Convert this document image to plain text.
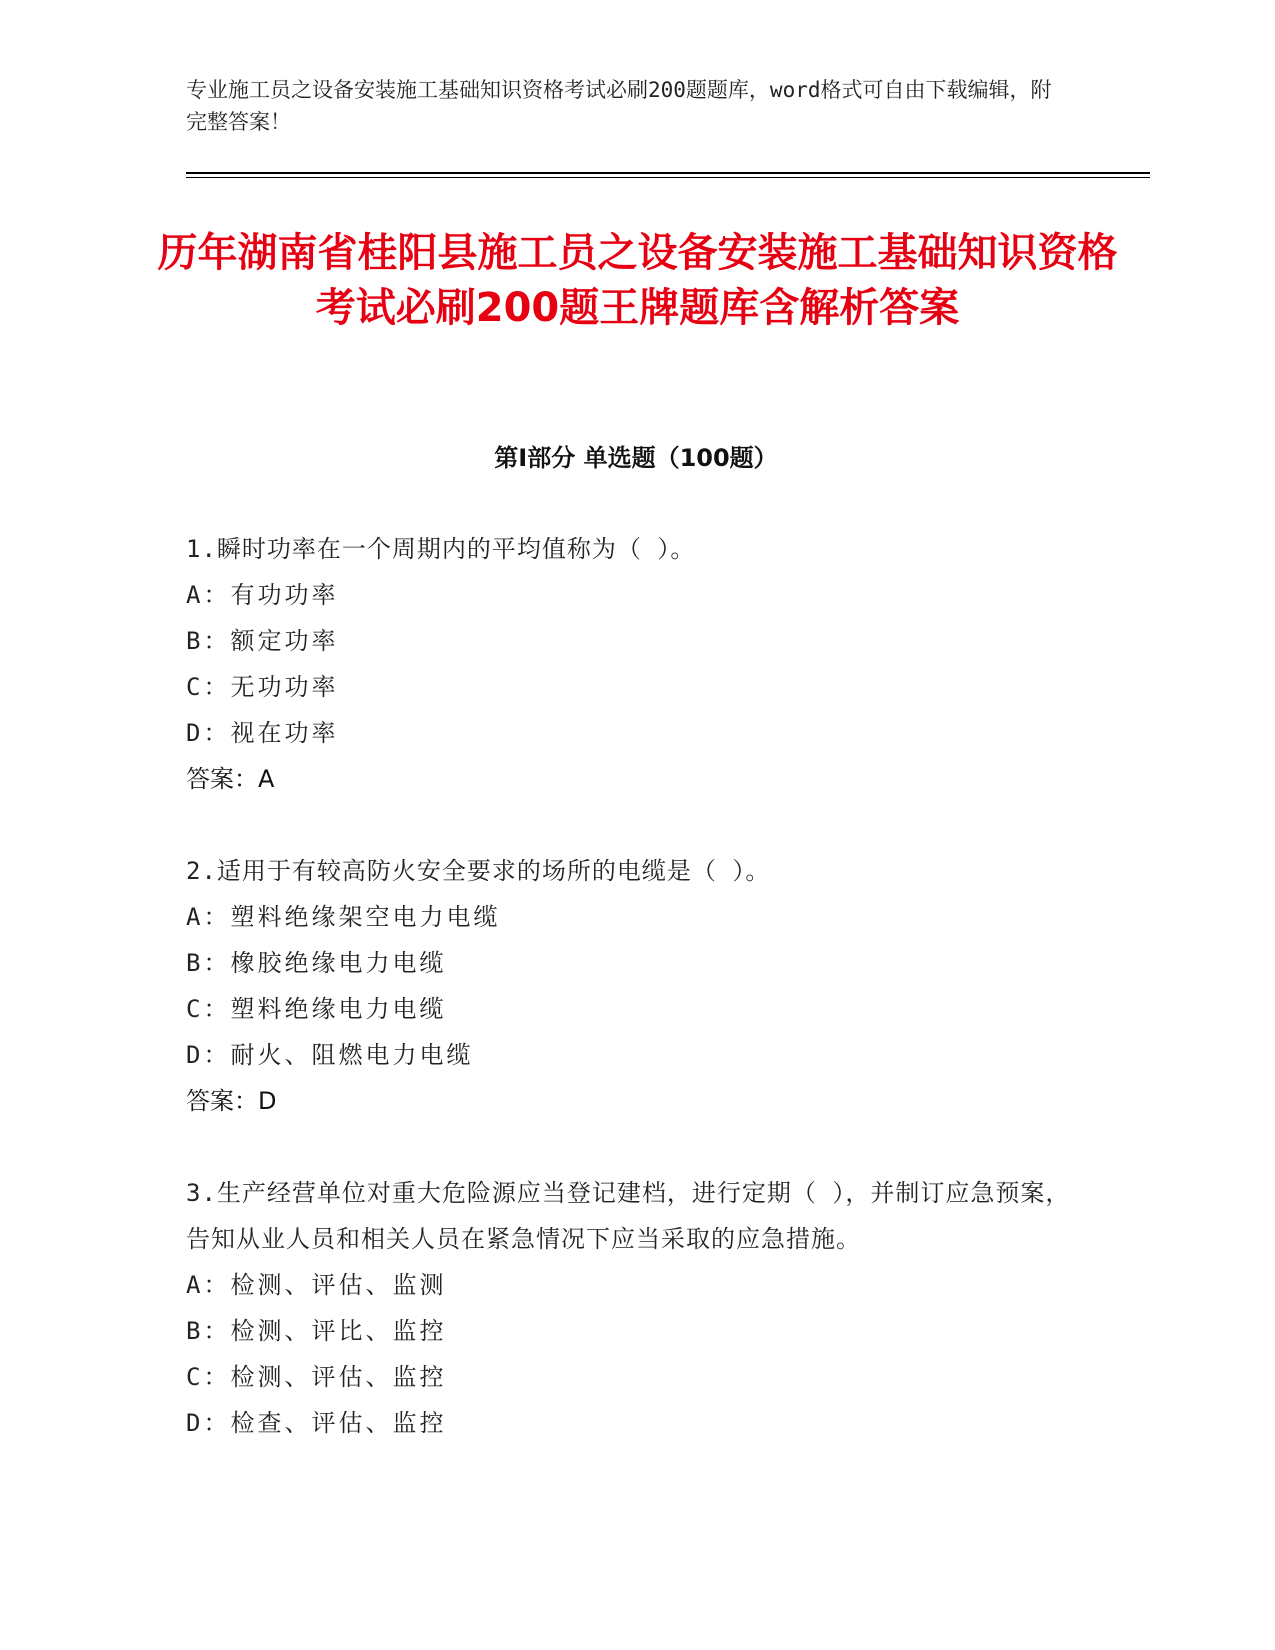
专业施工员之设备安装施工基础知识资格考试必刷200题题库，word格式可自由下载编辑，附完整答案！
历年湖南省桂阳县施工员之设备安装施工基础知识资格考试必刷200题王牌题库含解析答案
第I部分 单选题（100题）
1.瞬时功率在一个周期内的平均值称为（ ）。
A：有功功率
B：额定功率
C：无功功率
D：视在功率
答案：A
2.适用于有较高防火安全要求的场所的电缆是（ ）。
A：塑料绝缘架空电力电缆
B：橡胶绝缘电力电缆
C：塑料绝缘电力电缆
D：耐火、阻燃电力电缆
答案：D
3.生产经营单位对重大危险源应当登记建档，进行定期（ ），并制订应急预案，告知从业人员和相关人员在紧急情况下应当采取的应急措施。
A：检测、评估、监测
B：检测、评比、监控
C：检测、评估、监控
D：检查、评估、监控
